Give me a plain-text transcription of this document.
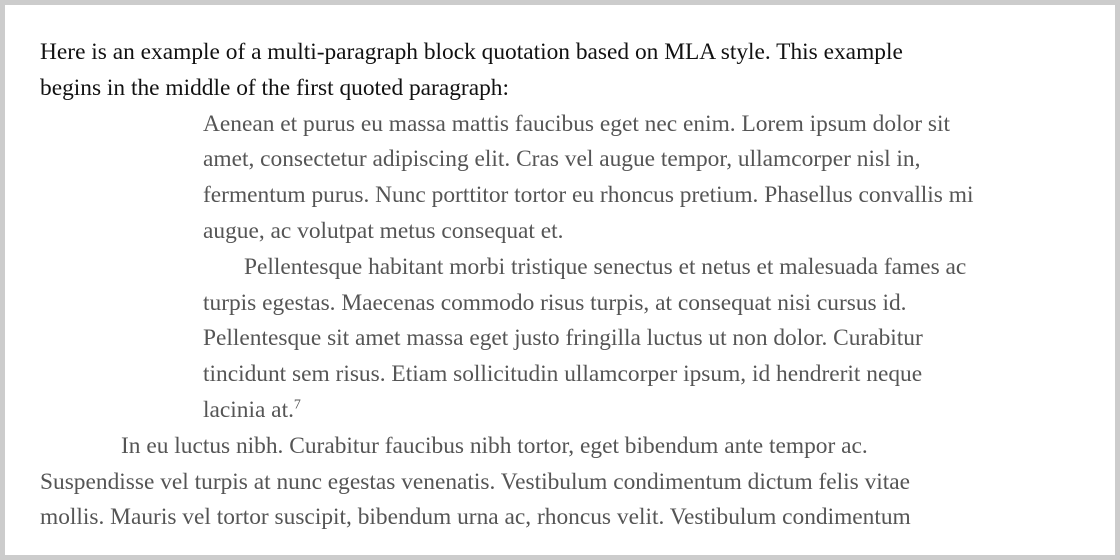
Here is an example of a multi-paragraph block quotation based on MLA style. This example
begins in the middle of the first quoted paragraph:

Aenean et purus eu massa mattis faucibus eget nec enim. Lorem ipsum dolor sit
amet, consectetur adipiscing elit. Cras vel augue tempor, ullamcorper nisl in,
fermentum purus. Nunc porttitor tortor eu rhoncus pretium. Phasellus convallis mi
augue, ac volutpat metus consequat et.

Pellentesque habitant morbi tristique senectus et netus et malesuada fames ac
turpis egestas. Maecenas commodo risus turpis, at consequat nisi cursus id.
Pellentesque sit amet massa eget justo fringilla luctus ut non dolor. Curabitur
tincidunt sem risus. Etiam sollicitudin ullamcorper ipsum, id hendrerit neque
lacinia at.$^7$

In eu luctus nibh. Curabitur faucibus nibh tortor, eget bibendum ante tempor ac.
Suspendisse vel turpis at nunc egestas venenatis. Vestibulum condimentum dictum felis vitae
mollis. Mauris vel tortor suscipit, bibendum urna ac, rhoncus velit. Vestibulum condimentum
